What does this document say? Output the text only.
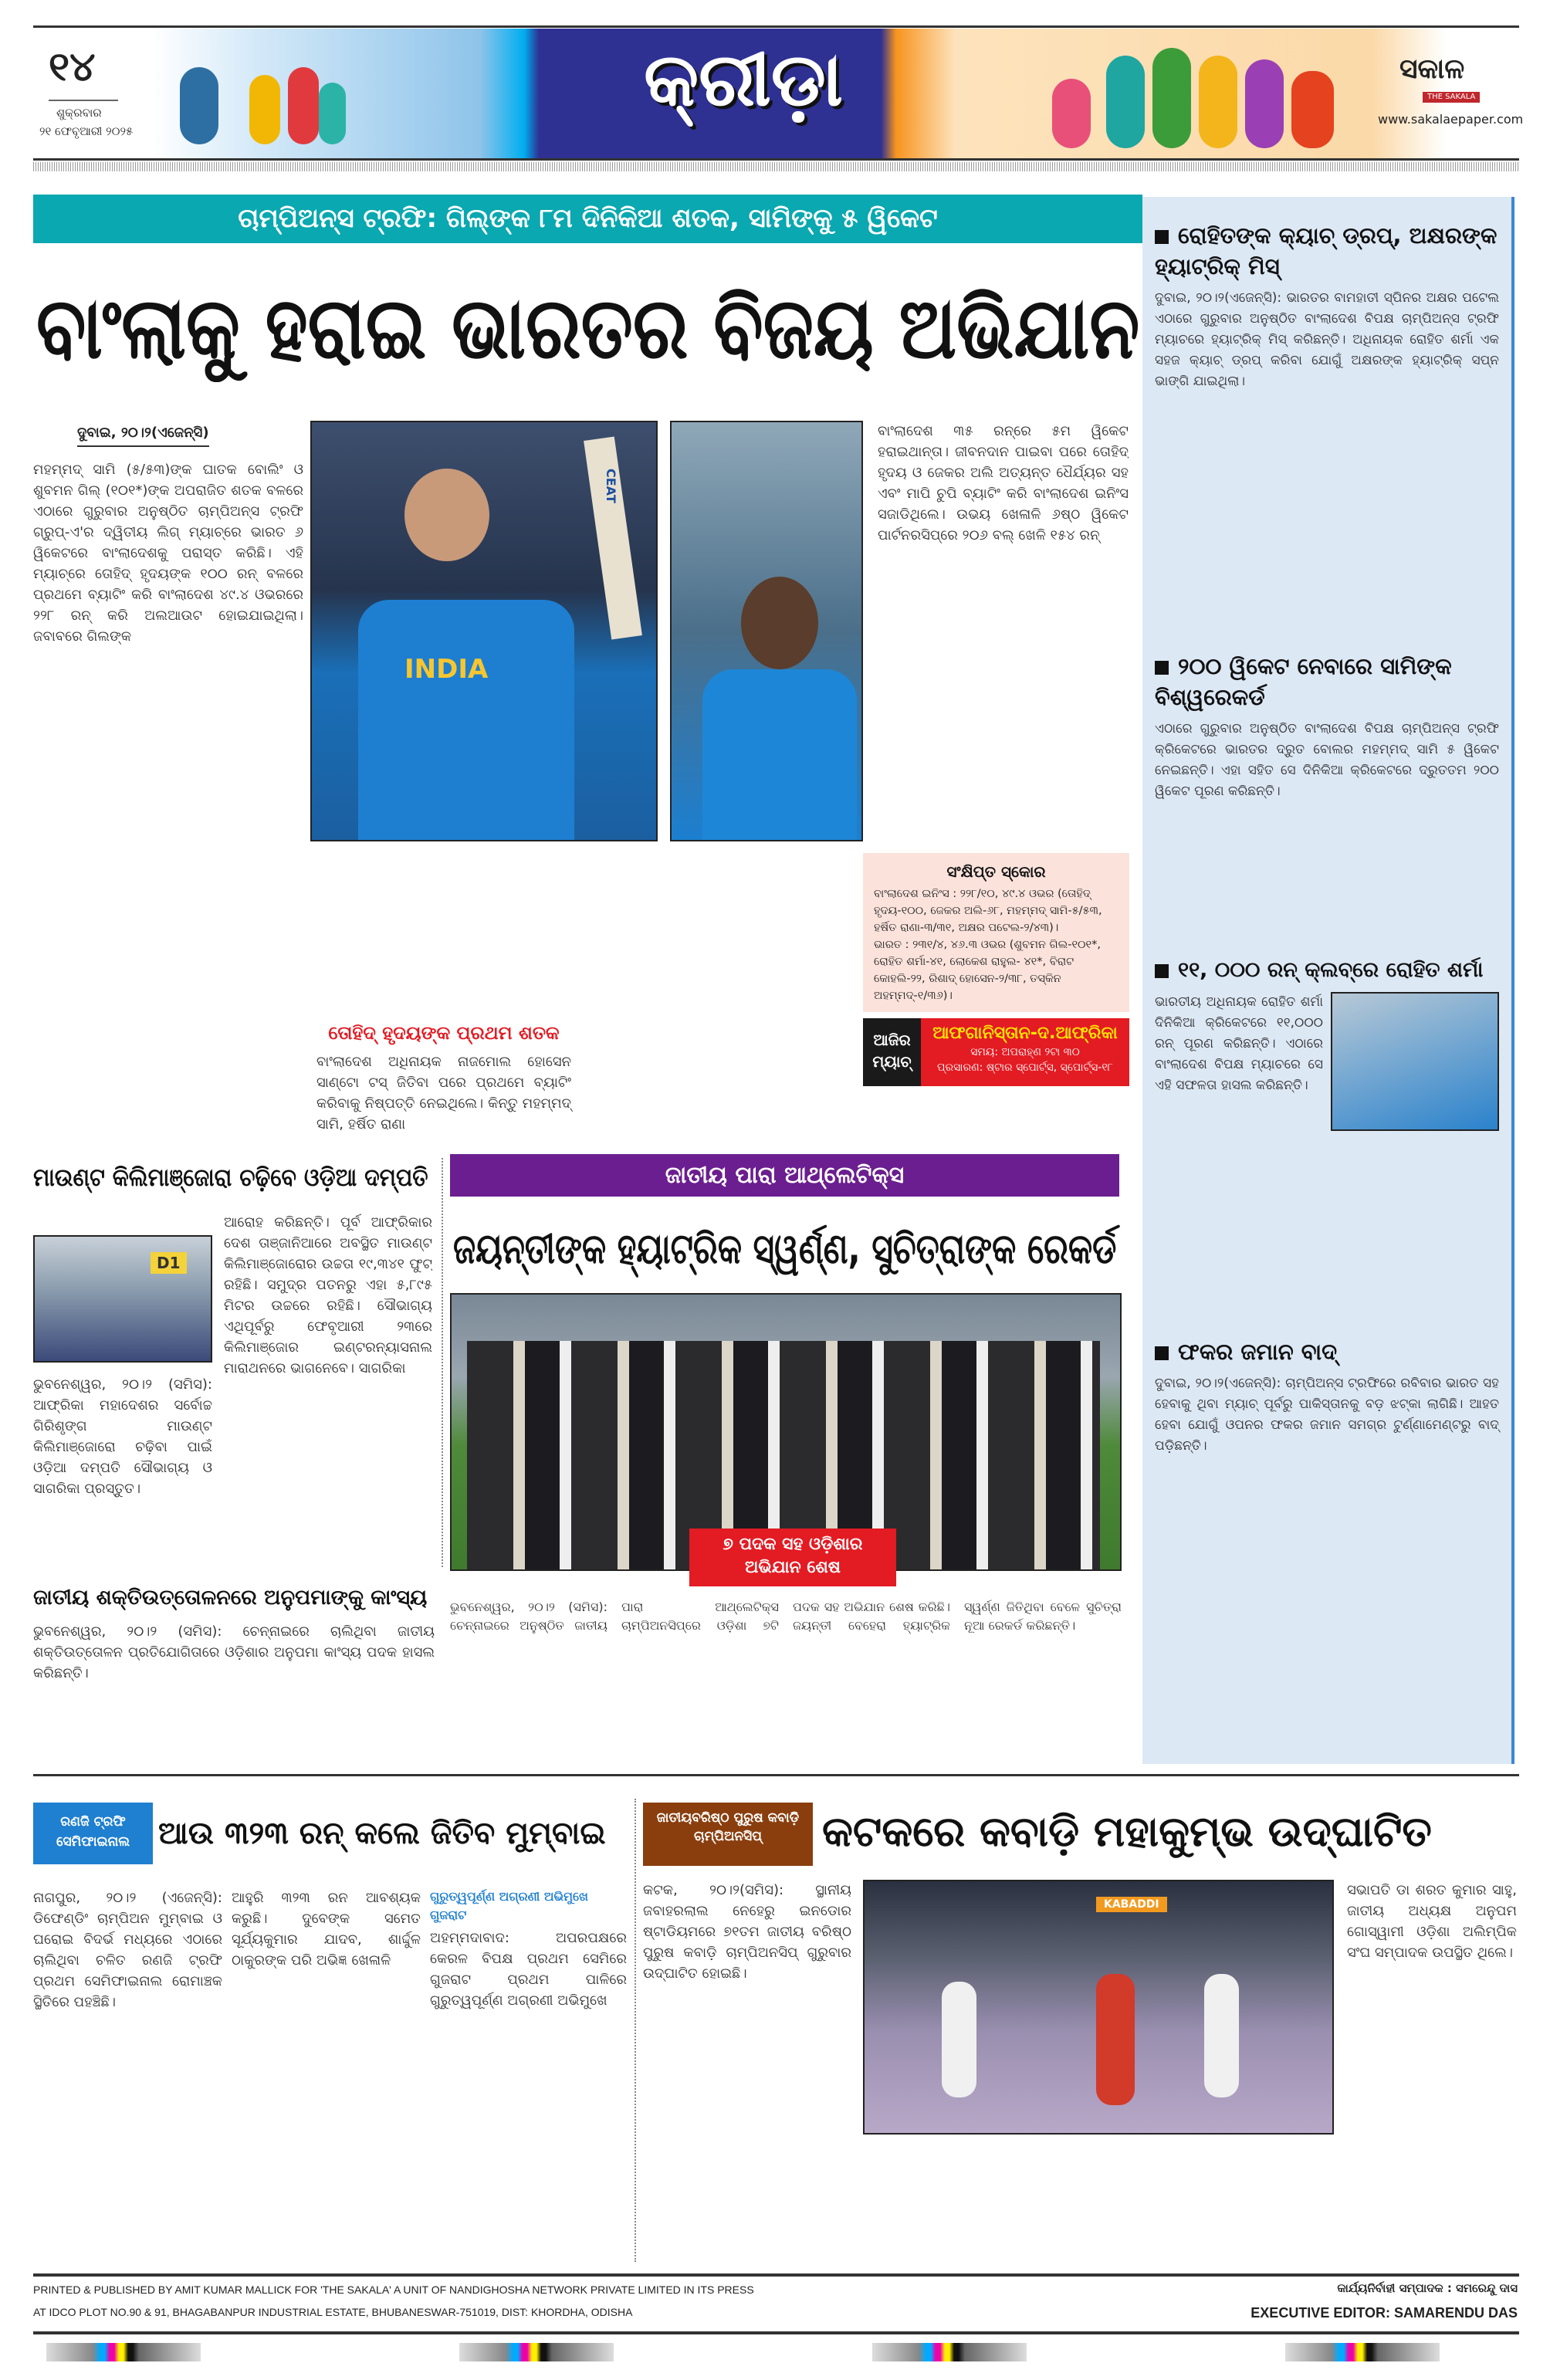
୧୪
ଶୁକ୍ରବାର
୨୧ ଫେବୃଆରୀ ୨୦୨୫
କ୍ରୀଡ଼ା	ସକାଳ
THE SAKALA
www.sakalaepaper.com
ଚାମ୍ପିଅନ୍ସ ଟ୍ରଫି: ଗିଲ୍‌ଙ୍କ ୮ମ ଦିନିକିଆ ଶତକ, ସାମିଙ୍କୁ ୫ ୱିକେଟ
ବାଂଲାକୁ ହରାଇ ଭାରତର ବିଜୟ ଅଭିଯାନ
ଦୁବାଇ, ୨୦।୨(ଏଜେନ୍ସି)
ମହମ୍ମଦ୍ ସାମି (୫/୫୩)ଙ୍କ ଘାତକ ବୋଲିଂ ଓ ଶୁବମନ ଗିଲ୍ (୧୦୧*)ଙ୍କ ଅପରାଜିତ ଶତକ ବଳରେ ଏଠାରେ ଗୁରୁବାର ଅନୁଷ୍ଠିତ ଚାମ୍ପିଅନ୍ସ ଟ୍ରଫି ଗ୍ରୁପ୍-ଏ'ର ଦ୍ୱିତୀୟ ଲିଗ୍ ମ୍ୟାଚ୍‌ରେ ଭାରତ ୬ ୱିକେଟରେ ବାଂଲାଦେଶକୁ ପରାସ୍ତ କରିଛି। ଏହି ମ୍ୟାଚ୍‌ରେ ତୋହିଦ୍ ହୃଦୟଙ୍କ ୧୦୦ ରନ୍ ବଳରେ ପ୍ରଥମେ ବ୍ୟାଟିଂ କରି ବାଂଲାଦେଶ ୪୯.୪ ଓଭରରେ ୨୨୮ ରନ୍ କରି ଅଲଆଉଟ ହୋଇଯାଇଥିଲା। ଜବାବରେ ଗିଲଙ୍କ
INDIA
CEAT
ବାଂଲାଦେଶ ୩୫ ରନ୍‌ରେ ୫ମ ୱିକେଟ ହରାଇଥାନ୍ତା। ଜୀବନଦାନ ପାଇବା ପରେ ତୋହିଦ୍ ହୃଦୟ ଓ ଜେକର ଅଲି ଅତ୍ୟନ୍ତ ଧୈର୍ଯ୍ୟର ସହ ଏବଂ ମାପି ଚୁପି ବ୍ୟାଟିଂ କରି ବାଂଲାଦେଶ ଇନିଂସ ସଜାଡିଥିଲେ। ଉଭୟ ଖେଳାଳି ୬ଷ୍ଠ ୱିକେଟ ପାର୍ଟନରସିପ୍‌ରେ ୨୦୬ ବଲ୍ ଖେଳି ୧୫୪ ରନ୍
ତୋହିଦ୍ ହୃଦୟଙ୍କ ପ୍ରଥମ ଶତକ
ବାଂଲାଦେଶ ଅଧିନାୟକ ନାଜମୋଲ ହୋସେନ ସାଣ୍ଟୋ ଟସ୍ ଜିତିବା ପରେ ପ୍ରଥମେ ବ୍ୟାଟିଂ କରିବାକୁ ନିଷ୍ପତ୍ତି ନେଇଥିଲେ। କିନ୍ତୁ ମହମ୍ମଦ୍ ସାମି, ହର୍ଷିତ ରାଣା
ସଂକ୍ଷିପ୍ତ ସ୍କୋର
ବାଂଲାଦେଶ ଇନିଂସ : ୨୨୮/୧୦, ୪୯.୪ ଓଭର (ତୋହିଦ୍ ହୃଦୟ-୧୦୦, ଜେକର ଅଲି-୬୮, ମହମ୍ମଦ୍ ସାମି-୫/୫୩, ହର୍ଷିତ ରାଣା-୩/୩୧, ଅକ୍ଷର ପଟେଲ-୨/୪୩)।
ଭାରତ : ୨୩୧/୪, ୪୬.୩ ଓଭର (ଶୁବମନ ଗିଲ-୧୦୧*, ରୋହିତ ଶର୍ମା-୪୧, ଲୋକେଶ ରାହୁଲ- ୪୧*, ବିରାଟ କୋହଲି-୨୨, ରିଶାଦ୍ ହୋସେନ-୨/୩୮, ତସ୍କିନ ଅହମ୍ମଦ୍-୧/୩୬)।
ଆଜିର ମ୍ୟାଚ୍
ଆଫଗାନିସ୍ତାନ-ଦ.ଆଫ୍ରିକା
ସମୟ: ଅପରାହ୍ଣ ୨ଟା ୩୦
ପ୍ରସାରଣ: ଷ୍ଟାର ସ୍ପୋର୍ଟ୍ସ, ସ୍ପୋର୍ଟ୍ସ-୧୮
ରୋହିତଙ୍କ କ୍ୟାଚ୍ ଡ୍ରପ୍, ଅକ୍ଷରଙ୍କ ହ୍ୟାଟ୍ରିକ୍ ମିସ୍
ଦୁବାଇ, ୨୦।୨(ଏଜେନ୍ସି): ଭାରତର ବାମହାତୀ ସ୍ପିନର ଅକ୍ଷର ପଟେଲ ଏଠାରେ ଗୁରୁବାର ଅନୁଷ୍ଠିତ ବାଂଲାଦେଶ ବିପକ୍ଷ ଚାମ୍ପିଅନ୍ସ ଟ୍ରଫି ମ୍ୟାଚରେ ହ୍ୟାଟ୍ରିକ୍ ମିସ୍ କରିଛନ୍ତି। ଅଧିନାୟକ ରୋହିତ ଶର୍ମା ଏକ ସହଜ କ୍ୟାଚ୍ ଡ୍ରପ୍ କରିବା ଯୋଗୁଁ ଅକ୍ଷରଙ୍କ ହ୍ୟାଟ୍ରିକ୍ ସପ୍ନ ଭାଙ୍ଗି ଯାଇଥିଲା।
୨୦୦ ୱିକେଟ ନେବାରେ ସାମିଙ୍କ ବିଶ୍ୱରେକର୍ଡ
ଏଠାରେ ଗୁରୁବାର ଅନୁଷ୍ଠିତ ବାଂଲାଦେଶ ବିପକ୍ଷ ଚାମ୍ପିଅନ୍ସ ଟ୍ରଫି କ୍ରିକେଟରେ ଭାରତର ଦ୍ରୁତ ବୋଲର ମହମ୍ମଦ୍ ସାମି ୫ ୱିକେଟ ନେଇଛନ୍ତି। ଏହା ସହିତ ସେ ଦିନିକିଆ କ୍ରିକେଟରେ ଦ୍ରୁତତମ ୨୦୦ ୱିକେଟ ପୂରଣ କରିଛନ୍ତି।
୧୧, ୦୦୦ ରନ୍ କ୍ଲବ୍‌ରେ ରୋହିତ ଶର୍ମା
ଭାରତୀୟ ଅଧିନାୟକ ରୋହିତ ଶର୍ମା ଦିନିକିଆ କ୍ରିକେଟରେ ୧୧,୦୦୦ ରନ୍ ପୂରଣ କରିଛନ୍ତି। ଏଠାରେ ବାଂଲାଦେଶ ବିପକ୍ଷ ମ୍ୟାଚରେ ସେ ଏହି ସଫଳତା ହାସଲ କରିଛନ୍ତି।
ଫକର ଜମାନ ବାଦ୍
ଦୁବାଇ, ୨୦।୨(ଏଜେନ୍ସି): ଚାମ୍ପିଅନ୍ସ ଟ୍ରଫିରେ ରବିବାର ଭାରତ ସହ ହେବାକୁ ଥିବା ମ୍ୟାଚ୍ ପୂର୍ବରୁ ପାକିସ୍ତାନକୁ ବଡ଼ ଝଟ୍‌କା ଲାଗିଛି। ଆହତ ହେବା ଯୋଗୁଁ ଓପନର ଫକର ଜମାନ ସମଗ୍ର ଟୁର୍ଣ୍ଣାମେଣ୍ଟରୁ ବାଦ୍ ପଡ଼ିଛନ୍ତି।
ମାଉଣ୍ଟ କିଲିମାଞ୍ଜୋରା ଚଢ଼ିବେ ଓଡ଼ିଆ ଦମ୍ପତି
D1
ଭୁବନେଶ୍ୱର, ୨୦।୨ (ସମିସ): ଆଫ୍ରିକା ମହାଦେଶର ସର୍ବୋଚ୍ଚ ଗିରିଶୃଙ୍ଗ ମାଉଣ୍ଟ କିଲିମାଞ୍ଜୋରୋ ଚଢ଼ିବା ପାଇଁ ଓଡ଼ିଆ ଦମ୍ପତି ସୌଭାଗ୍ୟ ଓ ସାଗରିକା ପ୍ରସ୍ତୁତ।
ଆରୋହ କରିଛନ୍ତି। ପୂର୍ବ ଆଫ୍ରିକାର ଦେଶ ତାଞ୍ଜାନିଆରେ ଅବସ୍ଥିତ ମାଉଣ୍ଟ କିଲିମାଞ୍ଜୋରୋର ଉଚ୍ଚତା ୧୯,୩୪୧ ଫୁଟ୍ ରହିଛି। ସମୁଦ୍ର ପତନରୁ ଏହା ୫,୮୯୫ ମିଟର ଉଚ୍ଚରେ ରହିଛି। ସୌଭାଗ୍ୟ ଏଥିପୂର୍ବରୁ ଫେବୃଆରୀ ୨୩ରେ କିଲିମାଞ୍ଜୋର ଇଣ୍ଟରନ୍ୟାସନାଲ ମାରାଥନରେ ଭାଗନେବେ। ସାଗରିକା
ଜାତୀୟ ଶକ୍ତିଉତ୍ତୋଳନରେ ଅନୁପମାଙ୍କୁ କାଂସ୍ୟ
ଭୁବନେଶ୍ୱର, ୨୦।୨ (ସମିସ): ଚେନ୍ନାଇରେ ଚାଲିଥିବା ଜାତୀୟ ଶକ୍ତିଉତ୍ତୋଳନ ପ୍ରତିଯୋଗିତାରେ ଓଡ଼ିଶାର ଅନୁପମା କାଂସ୍ୟ ପଦକ ହାସଲ କରିଛନ୍ତି।
ଜାତୀୟ ପାରା ଆଥ୍‌ଲେଟିକ୍ସ
ଜୟନ୍ତୀଙ୍କ ହ୍ୟାଟ୍ରିକ ସ୍ୱର୍ଣ୍ଣ, ସୁଚିତ୍ରାଙ୍କ ରେକର୍ଡ
୭ ପଦକ ସହ ଓଡ଼ିଶାର ଅଭିଯାନ ଶେଷ
ଭୁବନେଶ୍ୱର, ୨୦।୨ (ସମିସ): ଚେନ୍ନାଇରେ ଅନୁଷ୍ଠିତ ଜାତୀୟ ପାରା ଆଥ୍‌ଲେଟିକ୍ସ ଚାମ୍ପିଅନସିପ୍‌ରେ ଓଡ଼ିଶା ୭ଟି ପଦକ ସହ ଅଭିଯାନ ଶେଷ କରିଛି। ଜୟନ୍ତୀ ବେହେରା ହ୍ୟାଟ୍ରିକ ସ୍ୱର୍ଣ୍ଣ ଜିତିଥିବା ବେଳେ ସୁଚିତ୍ରା ନୂଆ ରେକର୍ଡ କରିଛନ୍ତି।
ରଣଜି ଟ୍ରଫି ସେମିଫାଇନାଲ ଆଉ ୩୨୩ ରନ୍ କଲେ ଜିତିବ ମୁମ୍ବାଇ
ନାଗପୁର, ୨୦।୨ (ଏଜେନ୍ସି): ଡିଫେଣ୍ଡିଂ ଚାମ୍ପିଅନ ମୁମ୍ବାଇ ଓ ଘରୋଇ ବିଦର୍ଭ ମଧ୍ୟରେ ଏଠାରେ ଚାଲିଥିବା ଚଳିତ ରଣଜି ଟ୍ରଫି ପ୍ରଥମ ସେମିଫାଇନାଲ ରୋମାଞ୍ଚକ ସ୍ଥିତିରେ ପହଞ୍ଚିଛି।
ଆହୁରି ୩୨୩ ରନ ଆବଶ୍ୟକ କରୁଛି। ଦୁବେଙ୍କ ସମେତ ସୂର୍ଯ୍ୟକୁମାର ଯାଦବ, ଶାର୍ଦ୍ଦୁଳ ଠାକୁରଙ୍କ ପରି ଅଭିଜ୍ଞ ଖେଳାଳି
ଗୁରୁତ୍ୱପୂର୍ଣ୍ଣ ଅଗ୍ରଣୀ ଅଭିମୁଖେ ଗୁଜରାଟ
ଅହମ୍ମଦାବାଦ: ଅପରପକ୍ଷରେ କେରଳ ବିପକ୍ଷ ପ୍ରଥମ ସେମିରେ ଗୁଜରାଟ ପ୍ରଥମ ପାଳିରେ ଗୁରୁତ୍ୱପୂର୍ଣ୍ଣ ଅଗ୍ରଣୀ ଅଭିମୁଖେ
ଜାତୀୟବରିଷ୍ଠ ପୁରୁଷ କବାଡ଼ି ଚାମ୍ପିଅନସିପ୍	କଟକରେ କବାଡ଼ି ମହାକୁମ୍ଭ ଉଦ୍‌ଘାଟିତ
KABADDI
କଟକ, ୨୦।୨(ସମିସ): ସ୍ଥାନୀୟ ଜବାହରଲାଲ ନେହେରୁ ଇନଡୋର ଷ୍ଟାଡିୟମରେ ୭୧ତମ ଜାତୀୟ ବରିଷ୍ଠ ପୁରୁଷ କବାଡ଼ି ଚାମ୍ପିଅନସିପ୍ ଗୁରୁବାର ଉଦ୍‌ଘାଟିତ ହୋଇଛି।
ସଭାପତି ଡା ଶରତ କୁମାର ସାହୁ, ଜାତୀୟ ଅଧ୍ୟକ୍ଷ ଅନୁପମ ଗୋସ୍ୱାମୀ ଓଡ଼ିଶା ଅଲିମ୍ପିକ ସଂଘ ସମ୍ପାଦକ ଉପସ୍ଥିତ ଥିଲେ।
PRINTED & PUBLISHED BY AMIT KUMAR MALLICK FOR 'THE SAKALA' A UNIT OF NANDIGHOSHA NETWORK PRIVATE LIMITED IN ITS PRESS
AT IDCO PLOT NO.90 & 91, BHAGABANPUR INDUSTRIAL ESTATE, BHUBANESWAR-751019, DIST: KHORDHA, ODISHA
କାର୍ଯ୍ୟନିର୍ବାହୀ ସମ୍ପାଦକ : ସମରେନ୍ଦୁ ଦାସ
EXECUTIVE EDITOR: SAMARENDU DAS
